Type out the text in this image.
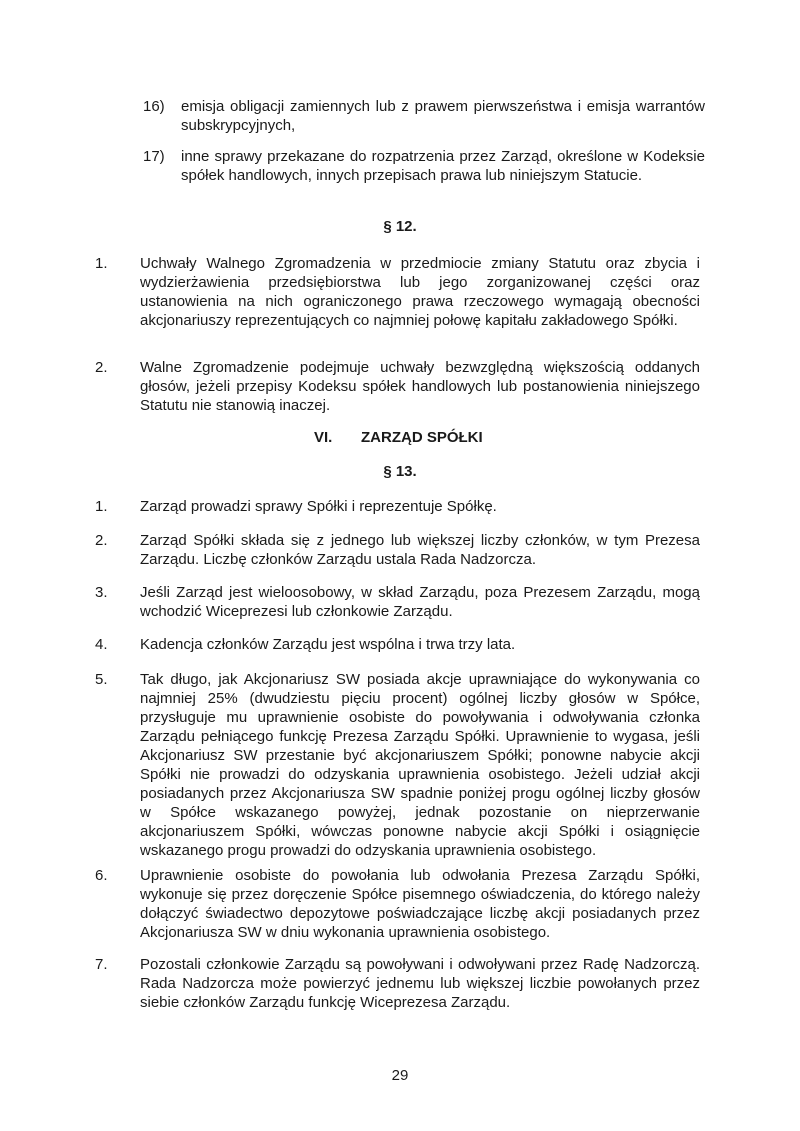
16)	emisja obligacji zamiennych lub z prawem pierwszeństwa i emisja warrantów subskrypcyjnych,
17)	inne sprawy przekazane do rozpatrzenia przez Zarząd, określone w Kodeksie spółek handlowych, innych przepisach prawa lub niniejszym Statucie.
§ 12.
1.	Uchwały Walnego Zgromadzenia w przedmiocie zmiany Statutu oraz zbycia i wydzierżawienia przedsiębiorstwa lub jego zorganizowanej części oraz ustanowienia na nich ograniczonego prawa rzeczowego wymagają obecności akcjonariuszy reprezentujących co najmniej połowę kapitału zakładowego Spółki.
2.	Walne Zgromadzenie podejmuje uchwały bezwzględną większością oddanych głosów, jeżeli przepisy Kodeksu spółek handlowych lub postanowienia niniejszego Statutu nie stanowią inaczej.
VI. ZARZĄD SPÓŁKI
§ 13.
1.	Zarząd prowadzi sprawy Spółki i reprezentuje Spółkę.
2.	Zarząd Spółki składa się z jednego lub większej liczby członków, w tym Prezesa Zarządu. Liczbę członków Zarządu ustala Rada Nadzorcza.
3.	Jeśli Zarząd jest wieloosobowy, w skład Zarządu, poza Prezesem Zarządu, mogą wchodzić Wiceprezesi lub członkowie Zarządu.
4.	Kadencja członków Zarządu jest wspólna i trwa trzy lata.
5.	Tak długo, jak Akcjonariusz SW posiada akcje uprawniające do wykonywania co najmniej 25% (dwudziestu pięciu procent) ogólnej liczby głosów w Spółce, przysługuje mu uprawnienie osobiste do powoływania i odwoływania członka Zarządu pełniącego funkcję Prezesa Zarządu Spółki. Uprawnienie to wygasa, jeśli Akcjonariusz SW przestanie być akcjonariuszem Spółki; ponowne nabycie akcji Spółki nie prowadzi do odzyskania uprawnienia osobistego. Jeżeli udział akcji posiadanych przez Akcjonariusza SW spadnie poniżej progu ogólnej liczby głosów w Spółce wskazanego powyżej, jednak pozostanie on nieprzerwanie akcjonariuszem Spółki, wówczas ponowne nabycie akcji Spółki i osiągnięcie wskazanego progu prowadzi do odzyskania uprawnienia osobistego.
6.	Uprawnienie osobiste do powołania lub odwołania Prezesa Zarządu Spółki, wykonuje się przez doręczenie Spółce pisemnego oświadczenia, do którego należy dołączyć świadectwo depozytowe poświadczające liczbę akcji posiadanych przez Akcjonariusza SW w dniu wykonania uprawnienia osobistego.
7.	Pozostali członkowie Zarządu są powoływani i odwoływani przez Radę Nadzorczą. Rada Nadzorcza może powierzyć jednemu lub większej liczbie powołanych przez siebie członków Zarządu funkcję Wiceprezesa Zarządu.
29
